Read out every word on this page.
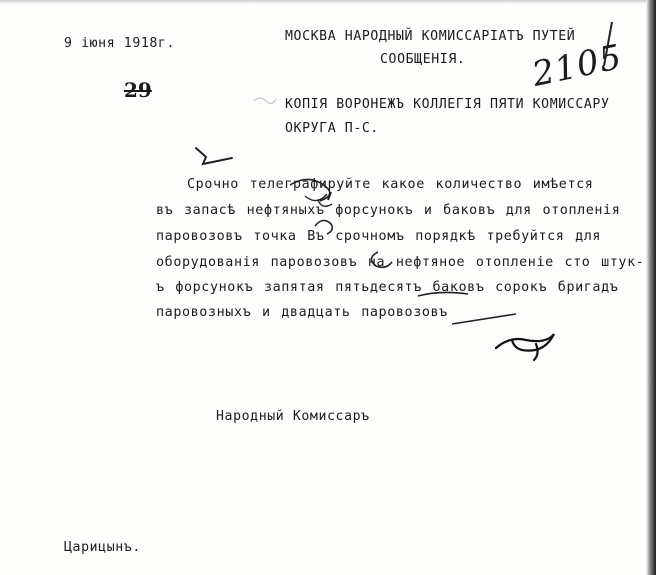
9 іюня 1918г.	МОСКВА НАРОДНЫЙ КОМИССАРІАТЪ ПУТЕЙ
СООБЩЕНІЯ. 2105
29
КОПІЯ ВОРОНЕЖЪ КОЛЛЕГІЯ ПЯТИ КОМИССАРУ
ОКРУГА П-С.
Срочно телеграфируйте какое количество имѣется
въ запасѣ нефтяныхъ форсунокъ и баковъ для отопленія
паровозовъ точка Въ срочномъ порядкѣ требуйтся для
оборудованія паровозовъ на нефтяное отопленіе сто штук-
ъ форсунокъ запятая пятьдесятъ баковъ сорокъ бригадъ
паровозныхъ и двадцать паровозовъ
Народный Комиссаръ
Царицынъ.
